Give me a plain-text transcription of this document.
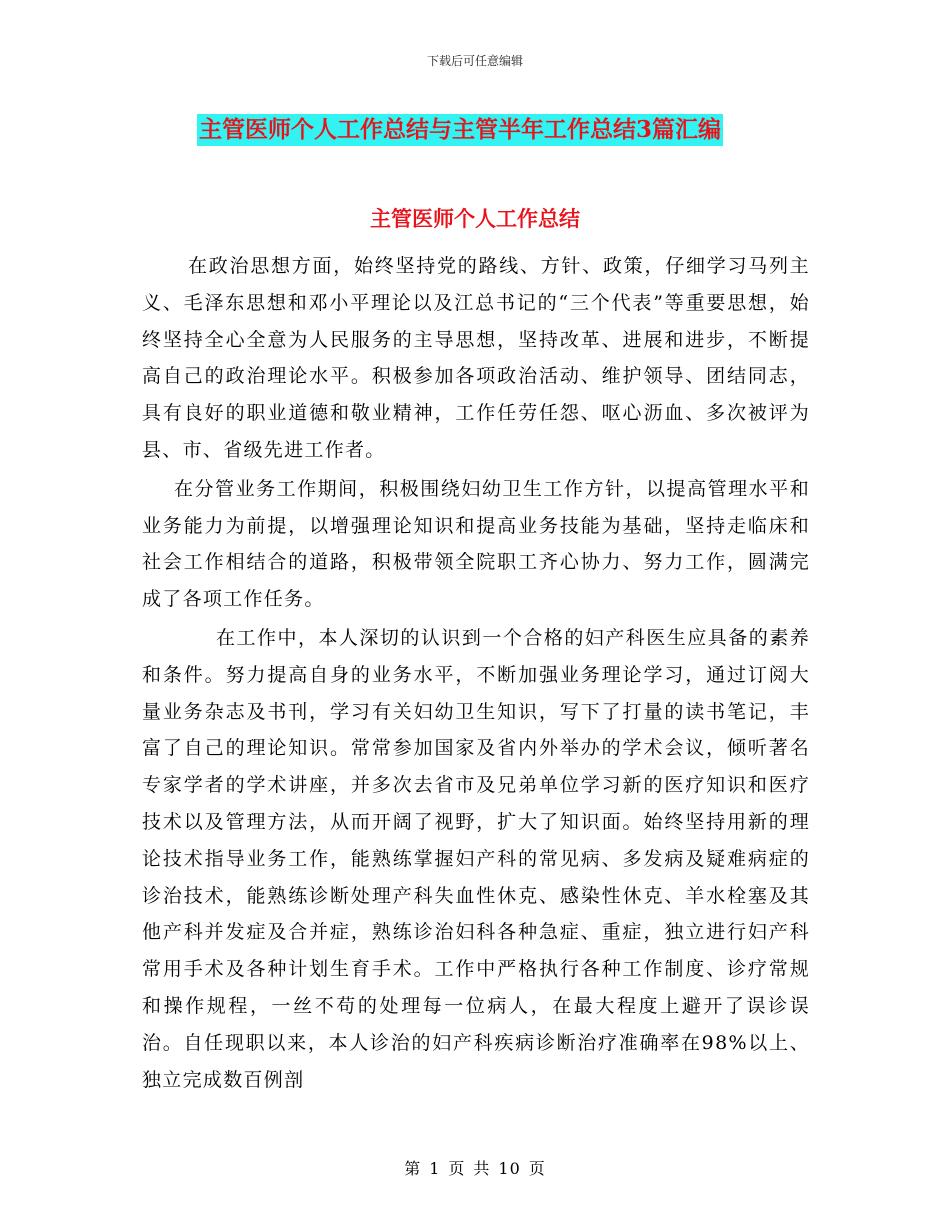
下载后可任意编辑
主管医师个人工作总结与主管半年工作总结3篇汇编
主管医师个人工作总结

在政治思想方面，始终坚持党的路线、方针、政策，仔细学习马列主义、毛泽东思想和邓小平理论以及江总书记的“三个代表”等重要思想，始终坚持全心全意为人民服务的主导思想，坚持改革、进展和进步，不断提高自己的政治理论水平。积极参加各项政治活动、维护领导、团结同志，具有良好的职业道德和敬业精神，工作任劳任怨、呕心沥血、多次被评为县、市、省级先进工作者。

在分管业务工作期间，积极围绕妇幼卫生工作方针，以提高管理水平和业务能力为前提，以增强理论知识和提高业务技能为基础，坚持走临床和社会工作相结合的道路，积极带领全院职工齐心协力、努力工作，圆满完成了各项工作任务。

在工作中，本人深切的认识到一个合格的妇产科医生应具备的素养和条件。努力提高自身的业务水平，不断加强业务理论学习，通过订阅大量业务杂志及书刊，学习有关妇幼卫生知识，写下了打量的读书笔记，丰富了自己的理论知识。常常参加国家及省内外举办的学术会议，倾听著名专家学者的学术讲座，并多次去省市及兄弟单位学习新的医疗知识和医疗技术以及管理方法，从而开阔了视野，扩大了知识面。始终坚持用新的理论技术指导业务工作，能熟练掌握妇产科的常见病、多发病及疑难病症的诊治技术，能熟练诊断处理产科失血性休克、感染性休克、羊水栓塞及其他产科并发症及合并症，熟练诊治妇科各种急症、重症，独立进行妇产科常用手术及各种计划生育手术。工作中严格执行各种工作制度、诊疗常规和操作规程，一丝不苟的处理每一位病人，在最大程度上避开了误诊误治。自任现职以来，本人诊治的妇产科疾病诊断治疗准确率在98%以上、独立完成数百例剖

第 1 页 共 10 页
